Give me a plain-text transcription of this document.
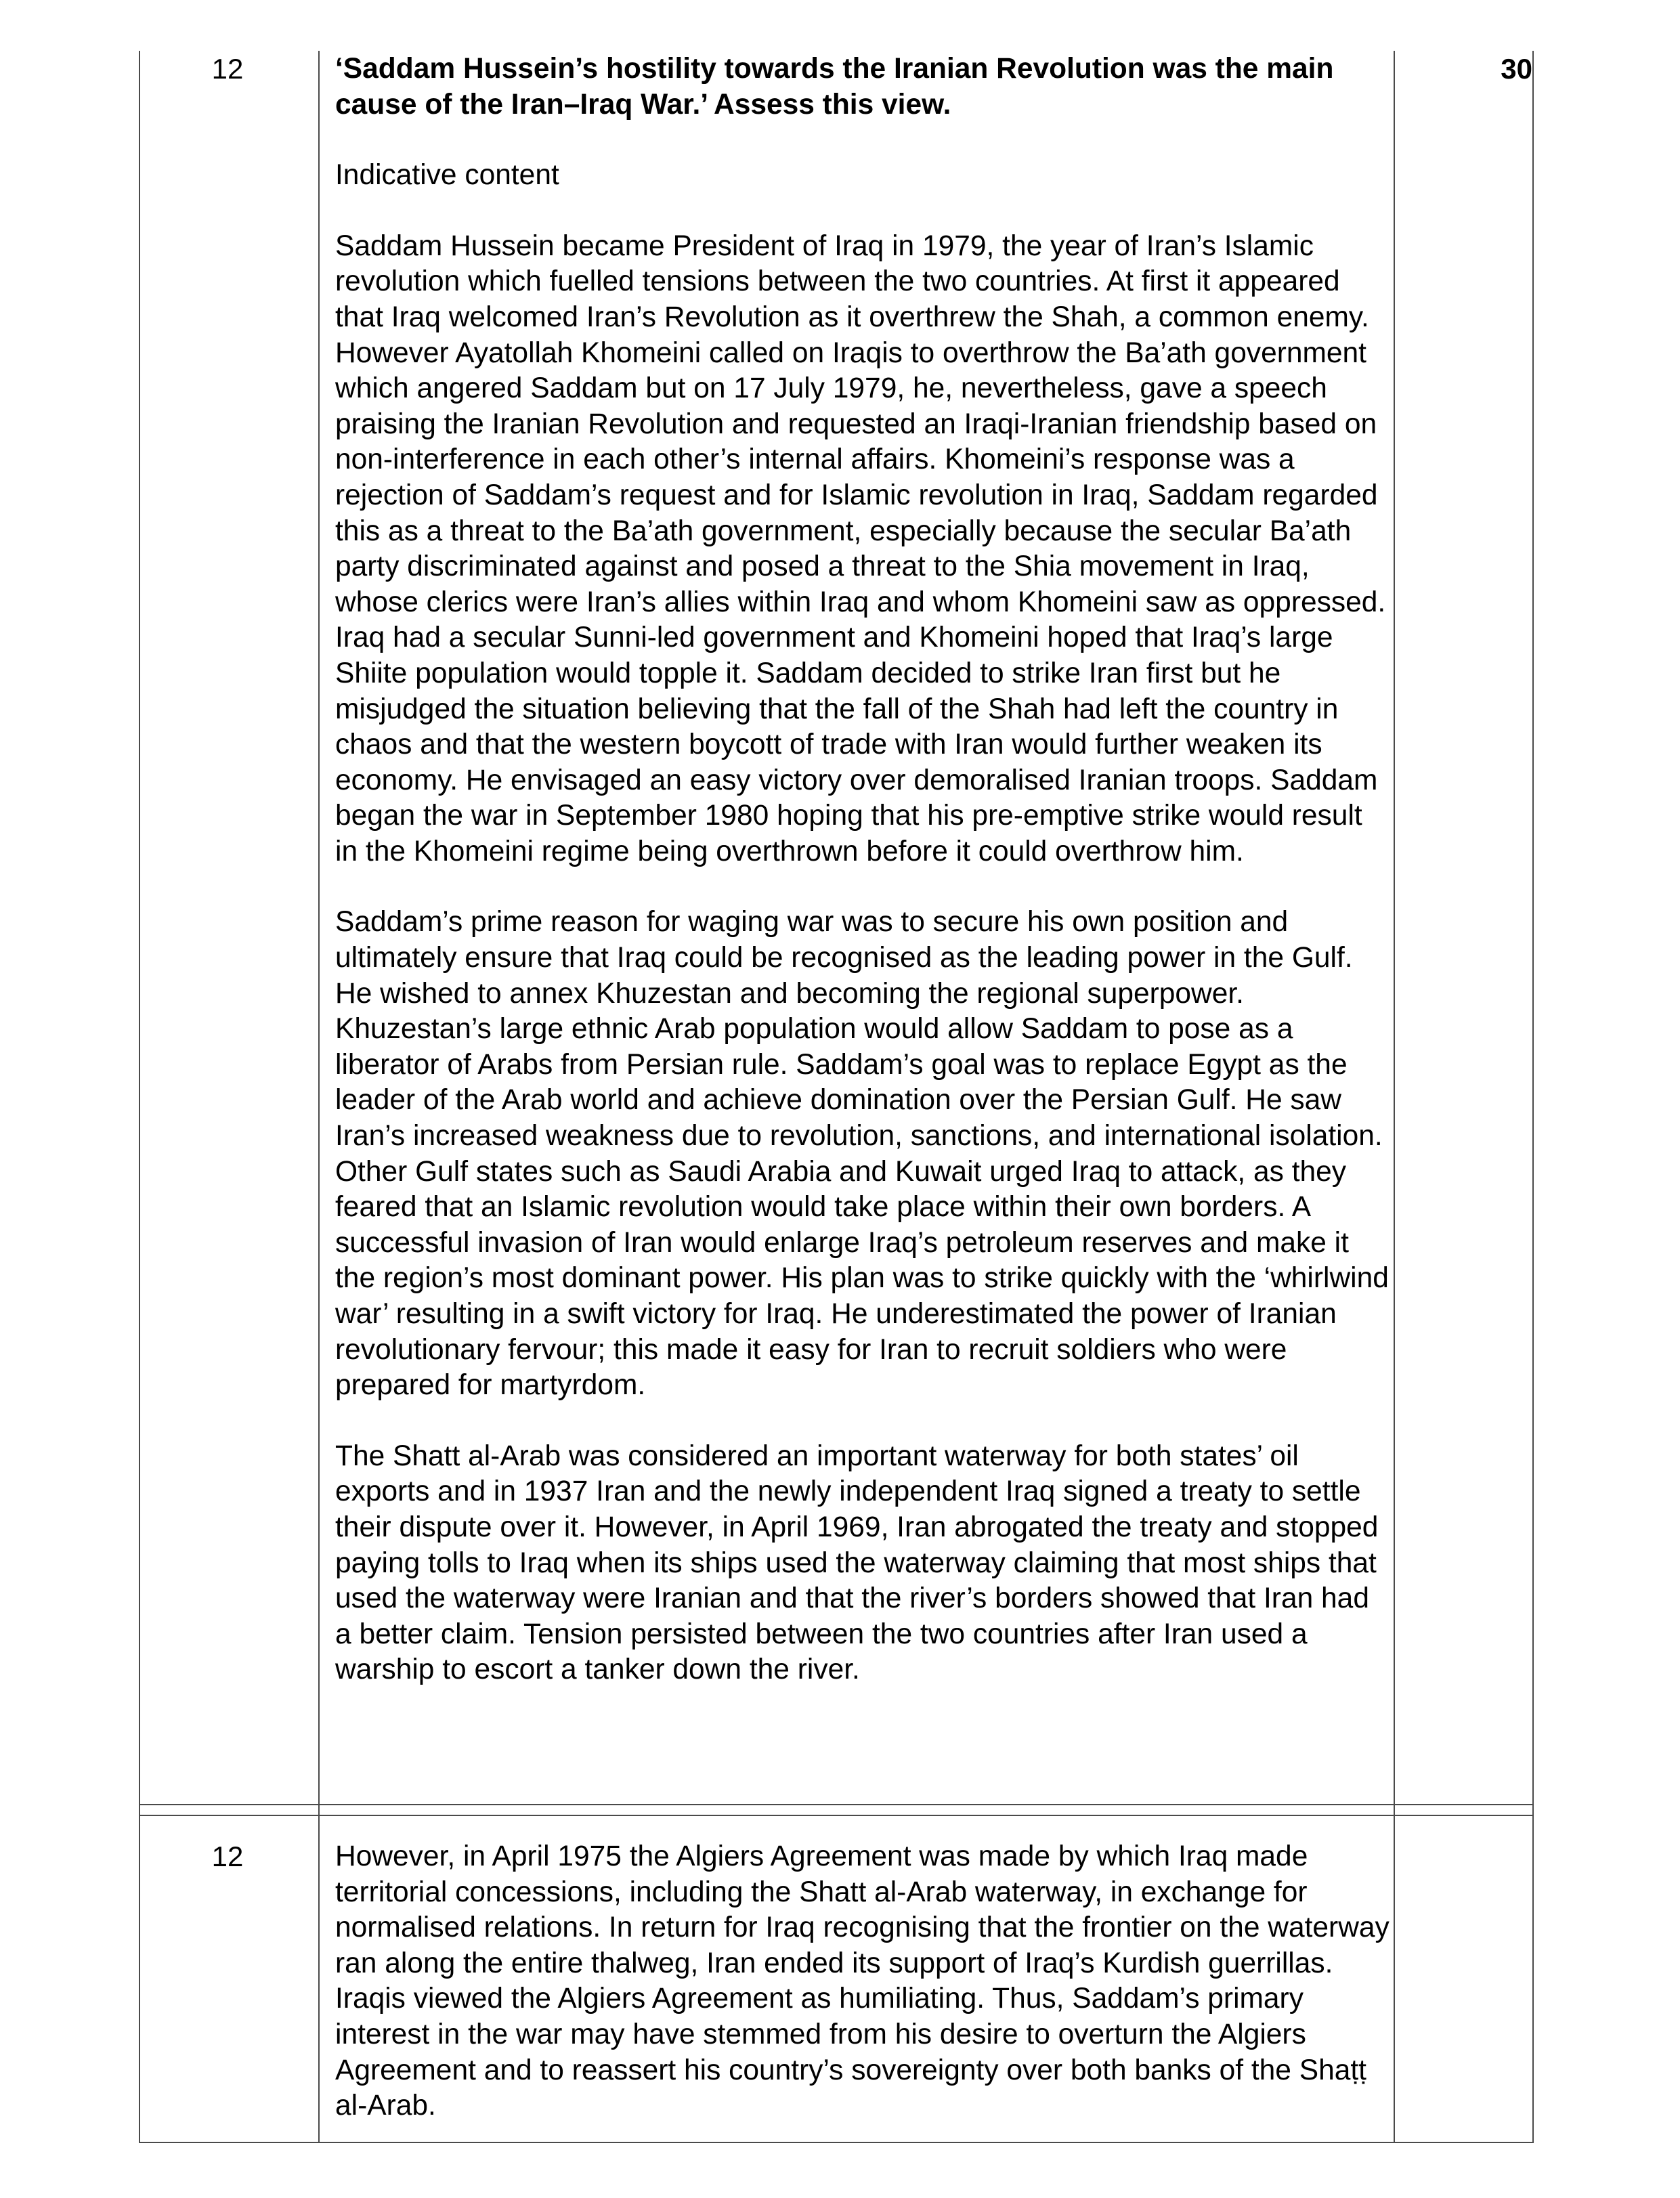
12	30

‘Saddam Hussein’s hostility towards the Iranian Revolution was the main cause of the Iran–Iraq War.’ Assess this view.

Indicative content

Saddam Hussein became President of Iraq in 1979, the year of Iran’s Islamic revolution which fuelled tensions between the two countries. At first it appeared that Iraq welcomed Iran’s Revolution as it overthrew the Shah, a common enemy. However Ayatollah Khomeini called on Iraqis to overthrow the Ba’ath government which angered Saddam but on 17 July 1979, he, nevertheless, gave a speech praising the Iranian Revolution and requested an Iraqi-Iranian friendship based on non-interference in each other’s internal affairs. Khomeini’s response was a rejection of Saddam’s request and for Islamic revolution in Iraq, Saddam regarded this as a threat to the Ba’ath government, especially because the secular Ba’ath party discriminated against and posed a threat to the Shia movement in Iraq, whose clerics were Iran’s allies within Iraq and whom Khomeini saw as oppressed. Iraq had a secular Sunni-led government and Khomeini hoped that Iraq’s large Shiite population would topple it. Saddam decided to strike Iran first but he misjudged the situation believing that the fall of the Shah had left the country in chaos and that the western boycott of trade with Iran would further weaken its economy. He envisaged an easy victory over demoralised Iranian troops. Saddam began the war in September 1980 hoping that his pre-emptive strike would result in the Khomeini regime being overthrown before it could overthrow him.

Saddam’s prime reason for waging war was to secure his own position and ultimately ensure that Iraq could be recognised as the leading power in the Gulf. He wished to annex Khuzestan and becoming the regional superpower. Khuzestan’s large ethnic Arab population would allow Saddam to pose as a liberator of Arabs from Persian rule. Saddam’s goal was to replace Egypt as the leader of the Arab world and achieve domination over the Persian Gulf. He saw Iran’s increased weakness due to revolution, sanctions, and international isolation. Other Gulf states such as Saudi Arabia and Kuwait urged Iraq to attack, as they feared that an Islamic revolution would take place within their own borders. A successful invasion of Iran would enlarge Iraq’s petroleum reserves and make it the region’s most dominant power. His plan was to strike quickly with the ‘whirlwind war’ resulting in a swift victory for Iraq. He underestimated the power of Iranian revolutionary fervour; this made it easy for Iran to recruit soldiers who were prepared for martyrdom.

The Shatt al-Arab was considered an important waterway for both states’ oil exports and in 1937 Iran and the newly independent Iraq signed a treaty to settle their dispute over it. However, in April 1969, Iran abrogated the treaty and stopped paying tolls to Iraq when its ships used the waterway claiming that most ships that used the waterway were Iranian and that the river’s borders showed that Iran had a better claim. Tension persisted between the two countries after Iran used a warship to escort a tanker down the river.

12	However, in April 1975 the Algiers Agreement was made by which Iraq made territorial concessions, including the Shatt al-Arab waterway, in exchange for normalised relations. In return for Iraq recognising that the frontier on the waterway ran along the entire thalweg, Iran ended its support of Iraq’s Kurdish guerrillas. Iraqis viewed the Algiers Agreement as humiliating. Thus, Saddam’s primary interest in the war may have stemmed from his desire to overturn the Algiers Agreement and to reassert his country’s sovereignty over both banks of the Shaṭṭ al-Arab.
